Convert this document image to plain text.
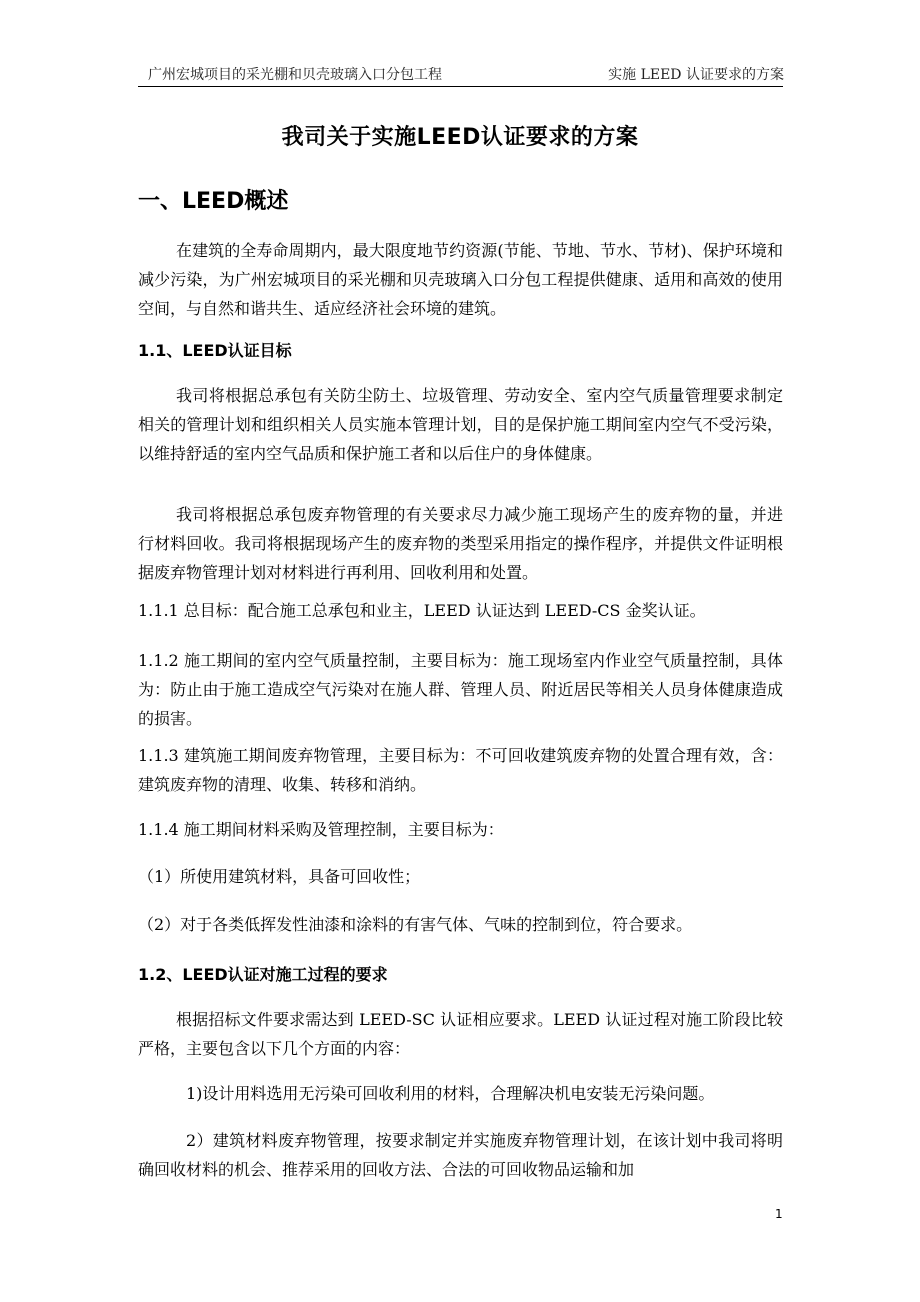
广州宏城项目的采光棚和贝壳玻璃入口分包工程	实施 LEED 认证要求的方案
我司关于实施LEED认证要求的方案
一、LEED概述
在建筑的全寿命周期内，最大限度地节约资源(节能、节地、节水、节材)、保护环境和减少污染，为广州宏城项目的采光棚和贝壳玻璃入口分包工程提供健康、适用和高效的使用空间，与自然和谐共生、适应经济社会环境的建筑。
1.1、LEED认证目标
我司将根据总承包有关防尘防土、垃圾管理、劳动安全、室内空气质量管理要求制定相关的管理计划和组织相关人员实施本管理计划，目的是保护施工期间室内空气不受污染，以维持舒适的室内空气品质和保护施工者和以后住户的身体健康。
我司将根据总承包废弃物管理的有关要求尽力减少施工现场产生的废弃物的量，并进行材料回收。我司将根据现场产生的废弃物的类型采用指定的操作程序，并提供文件证明根据废弃物管理计划对材料进行再利用、回收利用和处置。
1.1.1 总目标：配合施工总承包和业主，LEED 认证达到 LEED-CS 金奖认证。
1.1.2 施工期间的室内空气质量控制，主要目标为：施工现场室内作业空气质量控制，具体为：防止由于施工造成空气污染对在施人群、管理人员、附近居民等相关人员身体健康造成的损害。
1.1.3 建筑施工期间废弃物管理，主要目标为：不可回收建筑废弃物的处置合理有效，含：建筑废弃物的清理、收集、转移和消纳。
1.1.4 施工期间材料采购及管理控制，主要目标为：
（1）所使用建筑材料，具备可回收性；
（2）对于各类低挥发性油漆和涂料的有害气体、气味的控制到位，符合要求。
1.2、LEED认证对施工过程的要求
根据招标文件要求需达到 LEED-SC 认证相应要求。LEED 认证过程对施工阶段比较严格，主要包含以下几个方面的内容：
1)设计用料选用无污染可回收利用的材料，合理解决机电安装无污染问题。
2）建筑材料废弃物管理，按要求制定并实施废弃物管理计划，在该计划中我司将明确回收材料的机会、推荐采用的回收方法、合法的可回收物品运输和加
1
